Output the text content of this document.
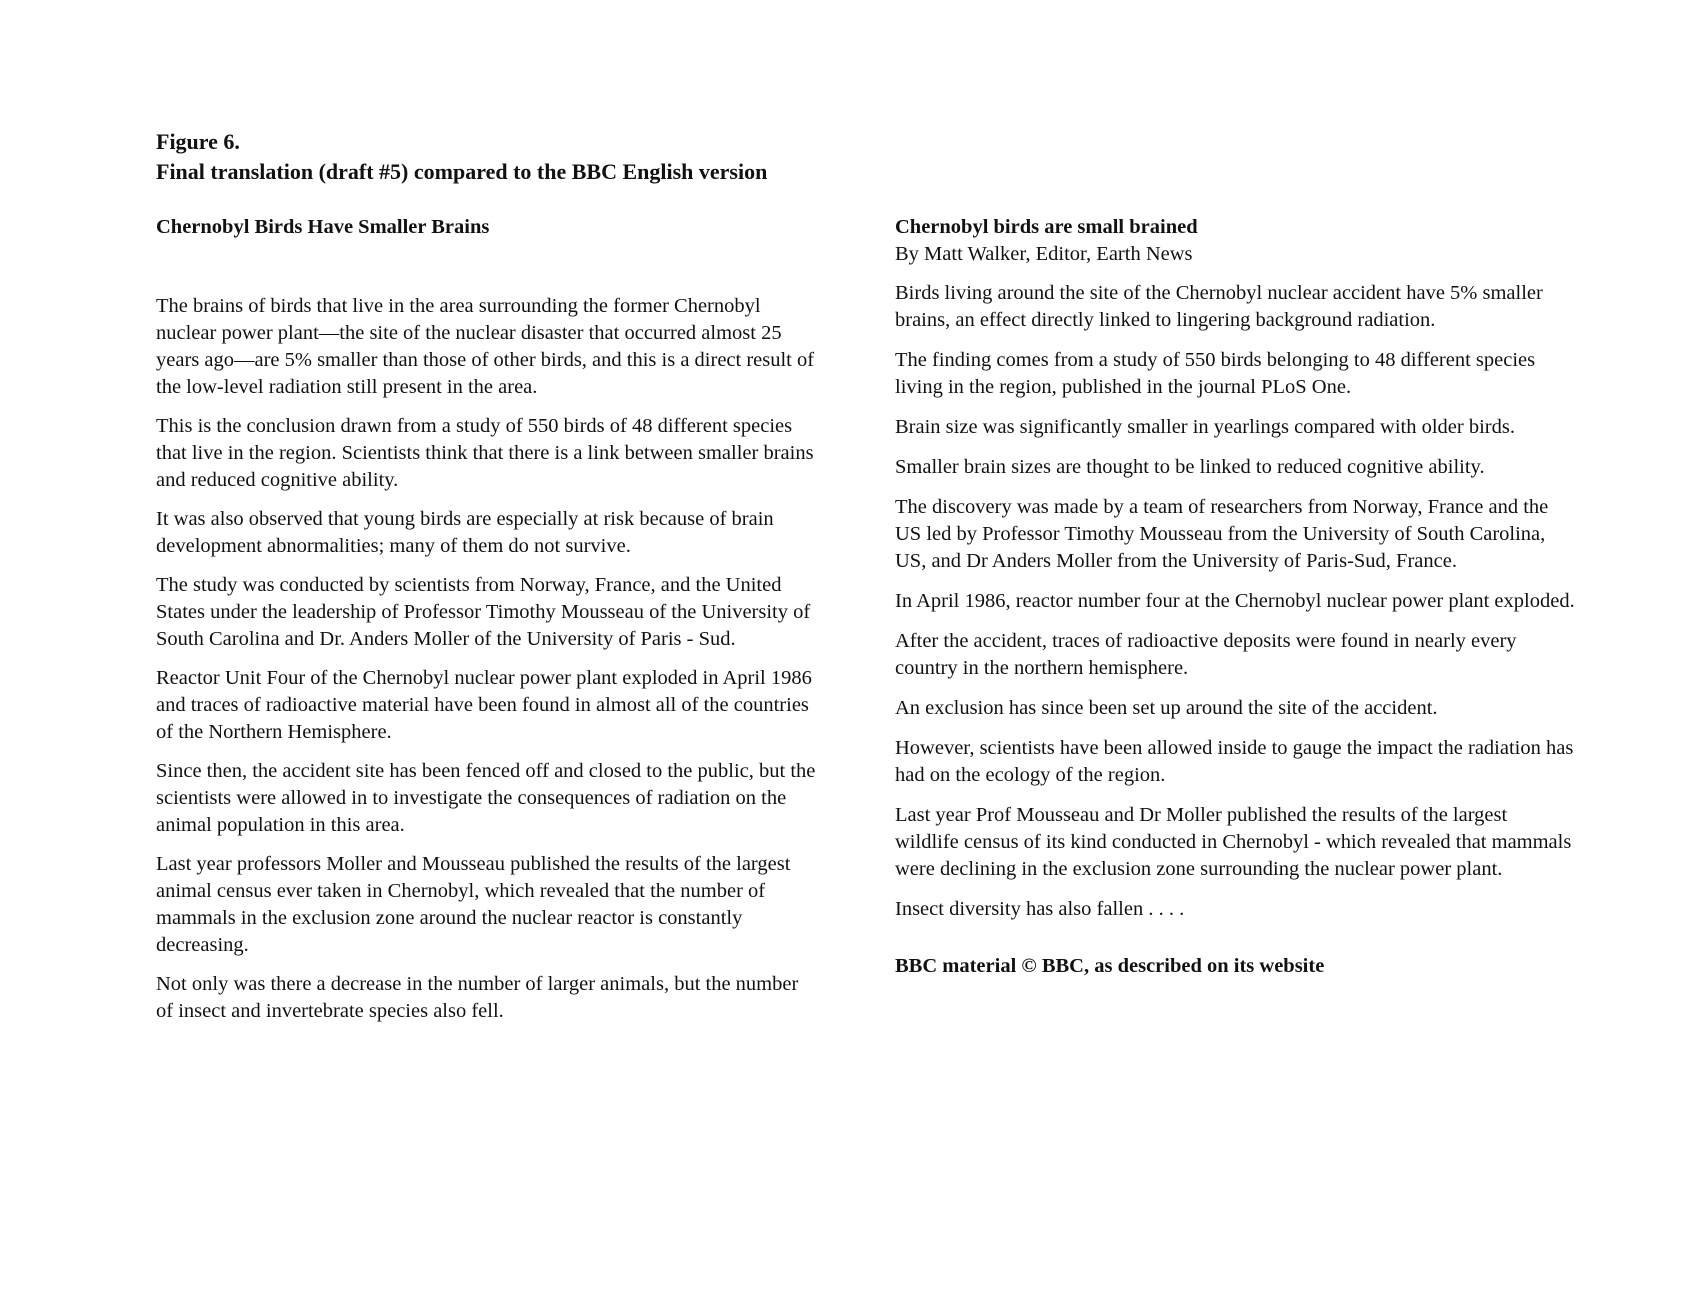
Figure 6.
Final translation (draft #5) compared to the BBC English version

Chernobyl Birds Have Smaller Brains

The brains of birds that live in the area surrounding the former Chernobyl nuclear power plant—the site of the nuclear disaster that occurred almost 25 years ago—are 5% smaller than those of other birds, and this is a direct result of the low-level radiation still present in the area.

This is the conclusion drawn from a study of 550 birds of 48 different species that live in the region. Scientists think that there is a link between smaller brains and reduced cognitive ability.

It was also observed that young birds are especially at risk because of brain development abnormalities; many of them do not survive.

The study was conducted by scientists from Norway, France, and the United States under the leadership of Professor Timothy Mousseau of the University of South Carolina and Dr. Anders Moller of the University of Paris - Sud.

Reactor Unit Four of the Chernobyl nuclear power plant exploded in April 1986 and traces of radioactive material have been found in almost all of the countries of the Northern Hemisphere.

Since then, the accident site has been fenced off and closed to the public, but the scientists were allowed in to investigate the consequences of radiation on the animal population in this area.

Last year professors Moller and Mousseau published the results of the largest animal census ever taken in Chernobyl, which revealed that the number of mammals in the exclusion zone around the nuclear reactor is constantly decreasing.

Not only was there a decrease in the number of larger animals, but the number of insect and invertebrate species also fell.

Chernobyl birds are small brained

By Matt Walker, Editor, Earth News

Birds living around the site of the Chernobyl nuclear accident have 5% smaller brains, an effect directly linked to lingering background radiation.

The finding comes from a study of 550 birds belonging to 48 different species living in the region, published in the journal PLoS One.

Brain size was significantly smaller in yearlings compared with older birds.

Smaller brain sizes are thought to be linked to reduced cognitive ability.

The discovery was made by a team of researchers from Norway, France and the US led by Professor Timothy Mousseau from the University of South Carolina, US, and Dr Anders Moller from the University of Paris-Sud, France.

In April 1986, reactor number four at the Chernobyl nuclear power plant exploded.

After the accident, traces of radioactive deposits were found in nearly every country in the northern hemisphere.

An exclusion has since been set up around the site of the accident.

However, scientists have been allowed inside to gauge the impact the radiation has had on the ecology of the region.

Last year Prof Mousseau and Dr Moller published the results of the largest wildlife census of its kind conducted in Chernobyl - which revealed that mammals were declining in the exclusion zone surrounding the nuclear power plant.

Insect diversity has also fallen . . . .

BBC material © BBC, as described on its website
